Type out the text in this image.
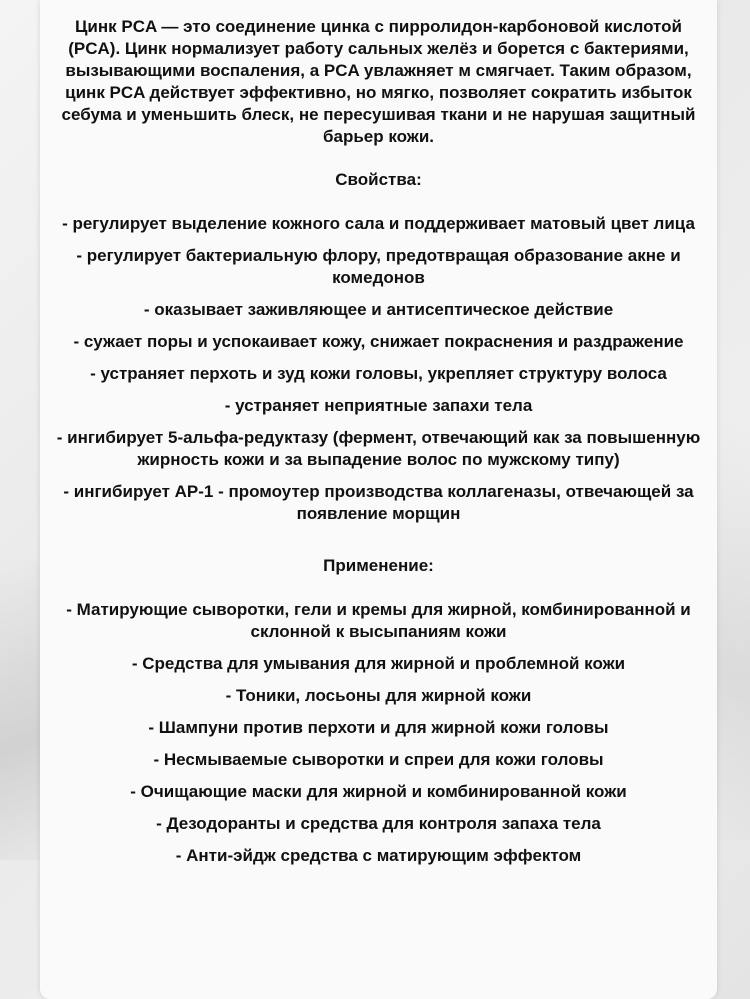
Цинк PCA — это соединение цинка с пирролидон-карбоновой кислотой (PCA). Цинк нормализует работу сальных желёз и борется с бактериями, вызывающими воспаления, а PCA увлажняет м смягчает. Таким образом, цинк PCA действует эффективно, но мягко, позволяет сократить избыток себума и уменьшить блеск, не пересушивая ткани и не нарушая защитный барьер кожи.

Свойства:

- регулирует выделение кожного сала и поддерживает матовый цвет лица
- регулирует бактериальную флору, предотвращая образование акне и комедонов
- оказывает заживляющее и антисептическое действие
- сужает поры и успокаивает кожу, снижает покраснения и раздражение
- устраняет перхоть и зуд кожи головы, укрепляет структуру волоса
- устраняет неприятные запахи тела
- ингибирует 5-альфа-редуктазу (фермент, отвечающий как за повышенную жирность кожи и за выпадение волос по мужскому типу)
- ингибирует AP-1 - промоутер производства коллагеназы, отвечающей за появление морщин

Применение:

- Матирующие сыворотки, гели и кремы для жирной, комбинированной и склонной к высыпаниям кожи
- Средства для умывания для жирной и проблемной кожи
- Тоники, лосьоны для жирной кожи
- Шампуни против перхоти и для жирной кожи головы
- Несмываемые сыворотки и спреи для кожи головы
- Очищающие маски для жирной и комбинированной кожи
- Дезодоранты и средства для контроля запаха тела
- Анти-эйдж средства с матирующим эффектом
